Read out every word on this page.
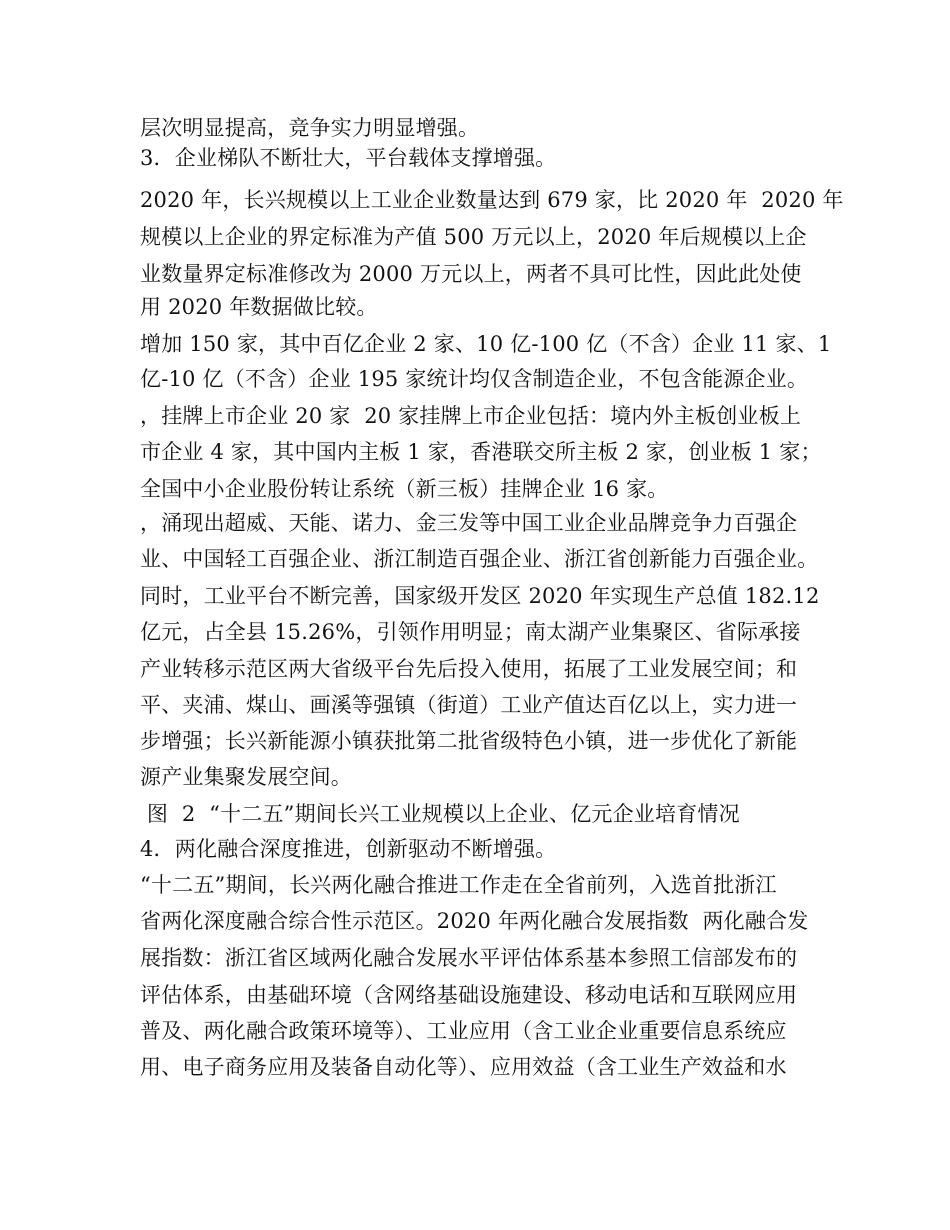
层次明显提高，竞争实力明显增强。
3．企业梯队不断壮大，平台载体支撑增强。
2020 年，长兴规模以上工业企业数量达到 679 家，比 2020 年  2020 年
规模以上企业的界定标准为产值 500 万元以上，2020 年后规模以上企
业数量界定标准修改为 2000 万元以上，两者不具可比性，因此此处使
用 2020 年数据做比较。
增加 150 家，其中百亿企业 2 家、10 亿-100 亿（不含）企业 11 家、1
亿-10 亿（不含）企业 195 家统计均仅含制造企业，不包含能源企业。
，挂牌上市企业 20 家  20 家挂牌上市企业包括：境内外主板创业板上
市企业 4 家，其中国内主板 1 家，香港联交所主板 2 家，创业板 1 家；
全国中小企业股份转让系统（新三板）挂牌企业 16 家。
，涌现出超威、天能、诺力、金三发等中国工业企业品牌竞争力百强企
业、中国轻工百强企业、浙江制造百强企业、浙江省创新能力百强企业。
同时，工业平台不断完善，国家级开发区 2020 年实现生产总值 182.12
亿元，占全县 15.26%，引领作用明显；南太湖产业集聚区、省际承接
产业转移示范区两大省级平台先后投入使用，拓展了工业发展空间；和
平、夹浦、煤山、画溪等强镇（街道）工业产值达百亿以上，实力进一
步增强；长兴新能源小镇获批第二批省级特色小镇，进一步优化了新能
源产业集聚发展空间。
图  2  “十二五”期间长兴工业规模以上企业、亿元企业培育情况
4．两化融合深度推进，创新驱动不断增强。
“十二五”期间，长兴两化融合推进工作走在全省前列，入选首批浙江
省两化深度融合综合性示范区。2020 年两化融合发展指数  两化融合发
展指数：浙江省区域两化融合发展水平评估体系基本参照工信部发布的
评估体系，由基础环境（含网络基础设施建设、移动电话和互联网应用
普及、两化融合政策环境等）、工业应用（含工业企业重要信息系统应
用、电子商务应用及装备自动化等）、应用效益（含工业生产效益和水
